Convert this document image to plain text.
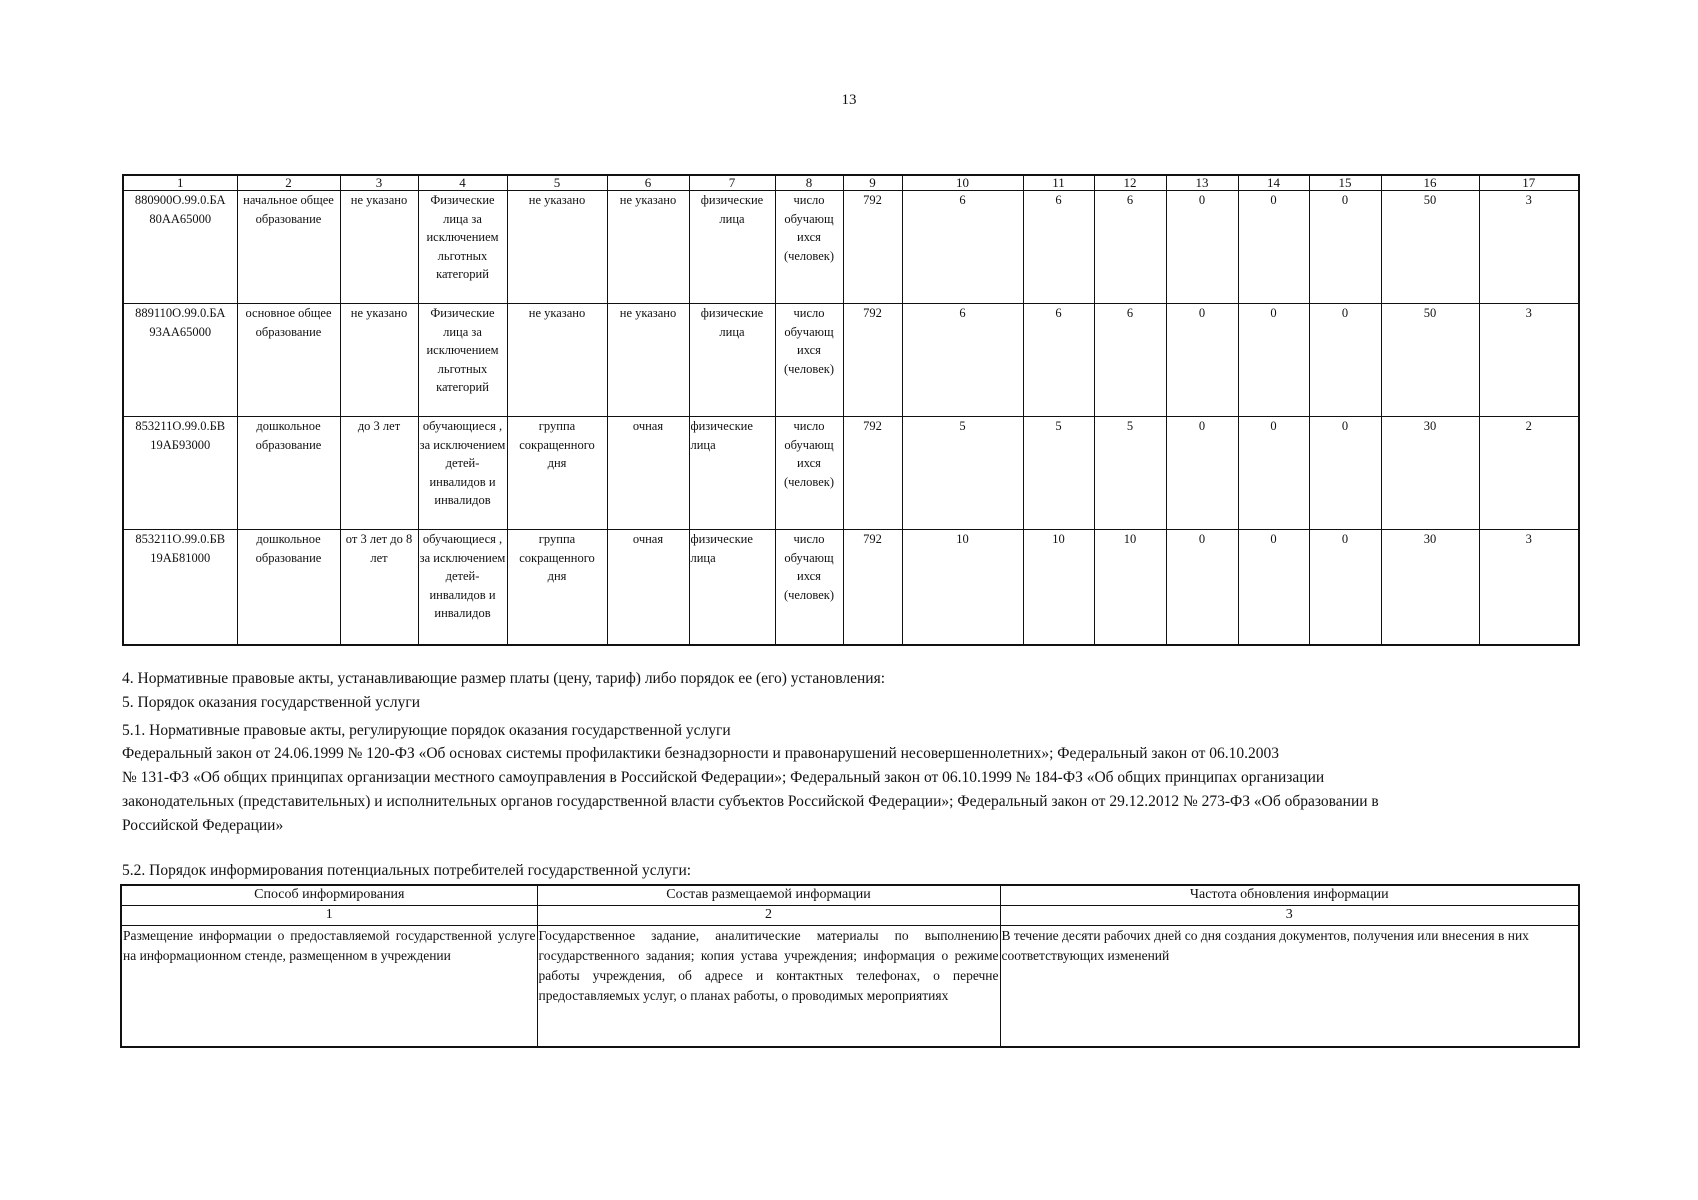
13
1	2	3	4	5	6	7	8	9	10	11	12	13	14	15	16	17
880900О.99.0.БА 80АА65000	начальное общее образование	не указано	Физические лица за исключением льготных категорий	не указано	не указано	физические лица	число обучающ ихся (человек)	792	6	6	6	0	0	0	50	3
889110О.99.0.БА 93АА65000	основное общее образование	не указано	Физические лица за исключением льготных категорий	не указано	не указано	физические лица	число обучающ ихся (человек)	792	6	6	6	0	0	0	50	3
853211О.99.0.БВ 19АБ93000	дошкольное образование	до 3 лет	обучающиеся , за исключением детей-инвалидов и инвалидов	группа сокращенного дня	очная	физические лица	число обучающ ихся (человек)	792	5	5	5	0	0	0	30	2
853211О.99.0.БВ 19АБ81000	дошкольное образование	от 3 лет до 8 лет	обучающиеся , за исключением детей-инвалидов и инвалидов	группа сокращенного дня	очная	физические лица	число обучающ ихся (человек)	792	10	10	10	0	0	0	30	3
4. Нормативные правовые акты, устанавливающие размер платы (цену, тариф) либо порядок ее (его) установления:
5. Порядок оказания государственной услуги
5.1. Нормативные правовые акты, регулирующие порядок оказания государственной услуги
Федеральный закон от 24.06.1999 № 120-ФЗ «Об основах системы профилактики безнадзорности и правонарушений несовершеннолетних»; Федеральный закон от 06.10.2003
№ 131-ФЗ «Об общих принципах организации местного самоуправления в Российской Федерации»; Федеральный закон от 06.10.1999 № 184-ФЗ «Об общих принципах организации
законодательных (представительных) и исполнительных органов государственной власти субъектов Российской Федерации»; Федеральный закон от 29.12.2012 № 273-ФЗ «Об образовании в
Российской Федерации»
5.2. Порядок информирования потенциальных потребителей государственной услуги:
Способ информирования	Состав размещаемой информации	Частота обновления информации
1	2	3
Размещение информации о предоставляемой государственной услуге на информационном стенде, размещенном в учреждении	Государственное задание, аналитические материалы по выполнению государственного задания; копия устава учреждения; информация о режиме работы учреждения, об адресе и контактных телефонах, о перечне предоставляемых услуг, о планах работы, о проводимых мероприятиях	В течение десяти рабочих дней со дня создания документов, получения или внесения в них соответствующих изменений
